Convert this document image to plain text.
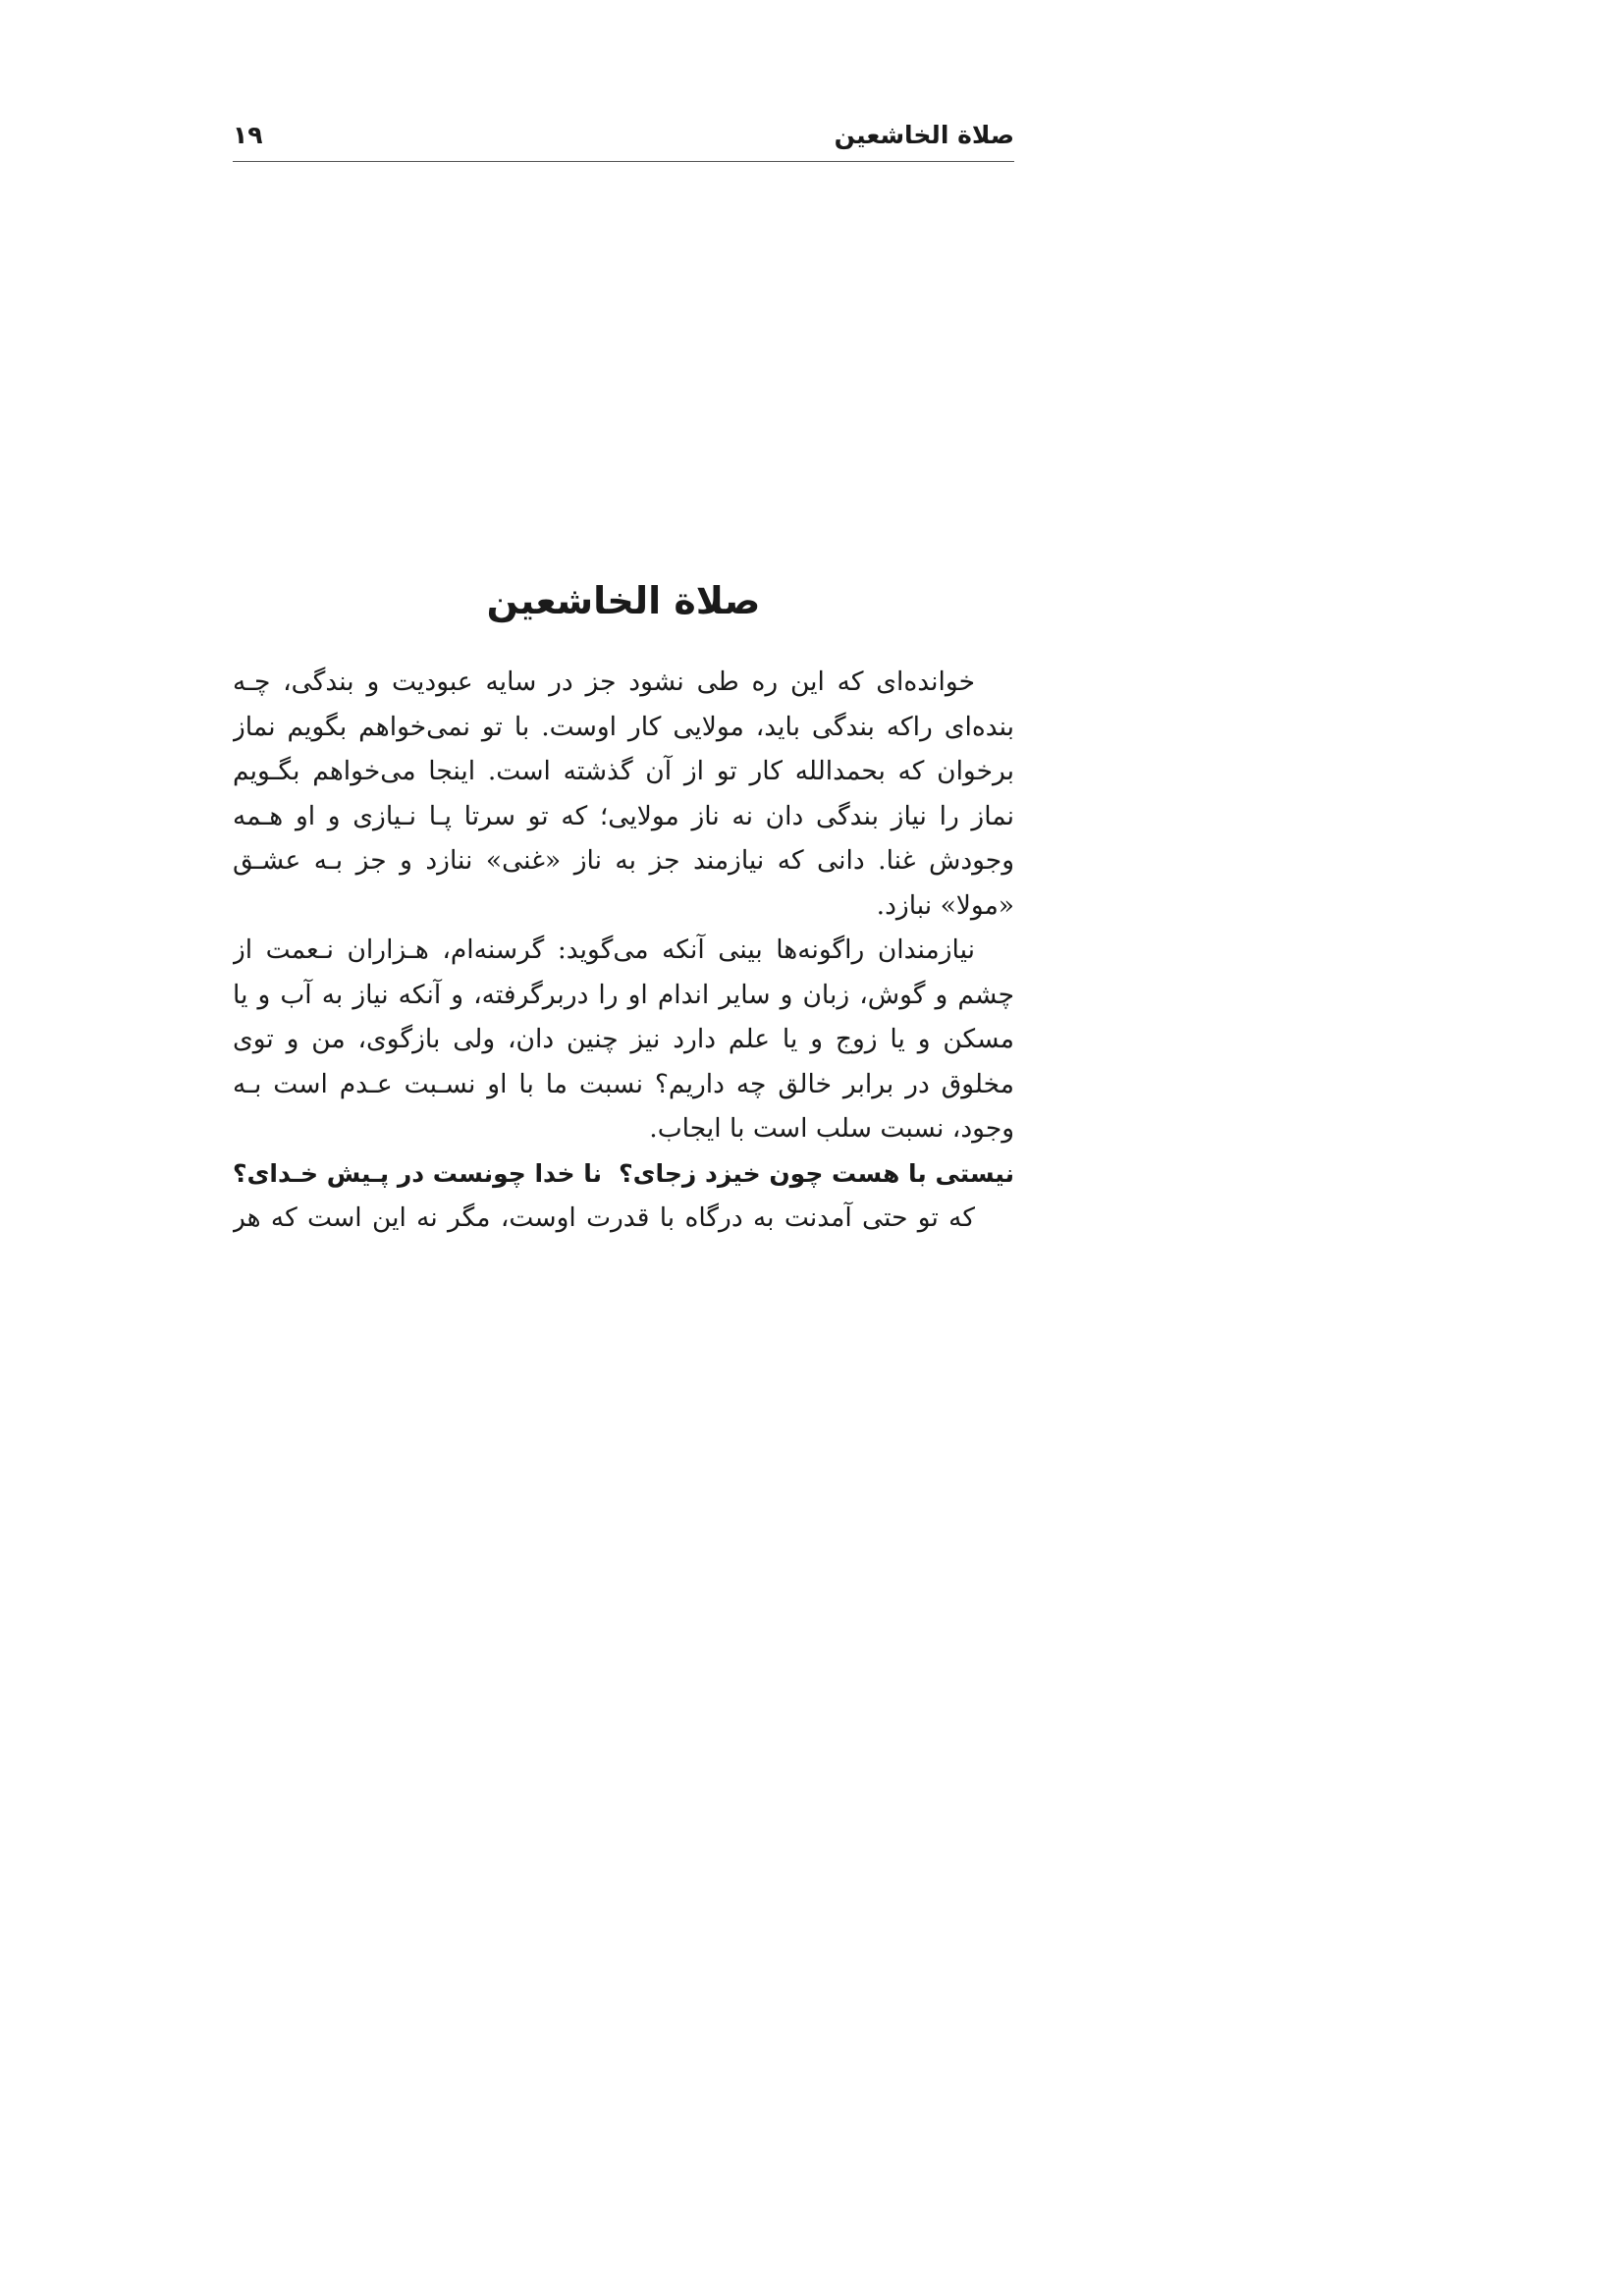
صلاة الخاشعين
۱۹
صلاة الخاشعين
خوانده‌ای که این ره طی نشود جز در سایه عبودیت و بندگی، چـه
بنده‌ای راکه بندگی باید، مولایی کار اوست. با تو نمی‌خواهم بگویم نماز
برخوان که بحمدالله کار تو از آن گذشته است. اینجا می‌خواهم بگـویم
نماز را نیاز بندگی دان نه ناز مولایی؛ که تو سرتا پـا نـیازی و او هـمه
وجودش غنا. دانی که نیازمند جز به ناز «غنی» ننازد و جز بـه عشـق
«مولا» نبازد.
نیازمندان راگونه‌ها بینی آنکه می‌گوید: گرسنه‌ام، هـزاران نـعمت از
چشم و گوش، زبان و سایر اندام او را دربرگرفته، و آنکه نیاز به آب و یا
مسکن و یا زوج و یا علم دارد نیز چنین دان، ولی بازگوی، من و توی
مخلوق در برابر خالق چه داریم؟ نسبت ما با او نسـبت عـدم است بـه
وجود، نسبت سلب است با ایجاب.
نیستی با هست چون خیزد زجای؟
نا خدا چونست در پـیش خـدای؟
که تو حتی آمدنت به درگاه با قدرت اوست، مگر نه این است که هر
